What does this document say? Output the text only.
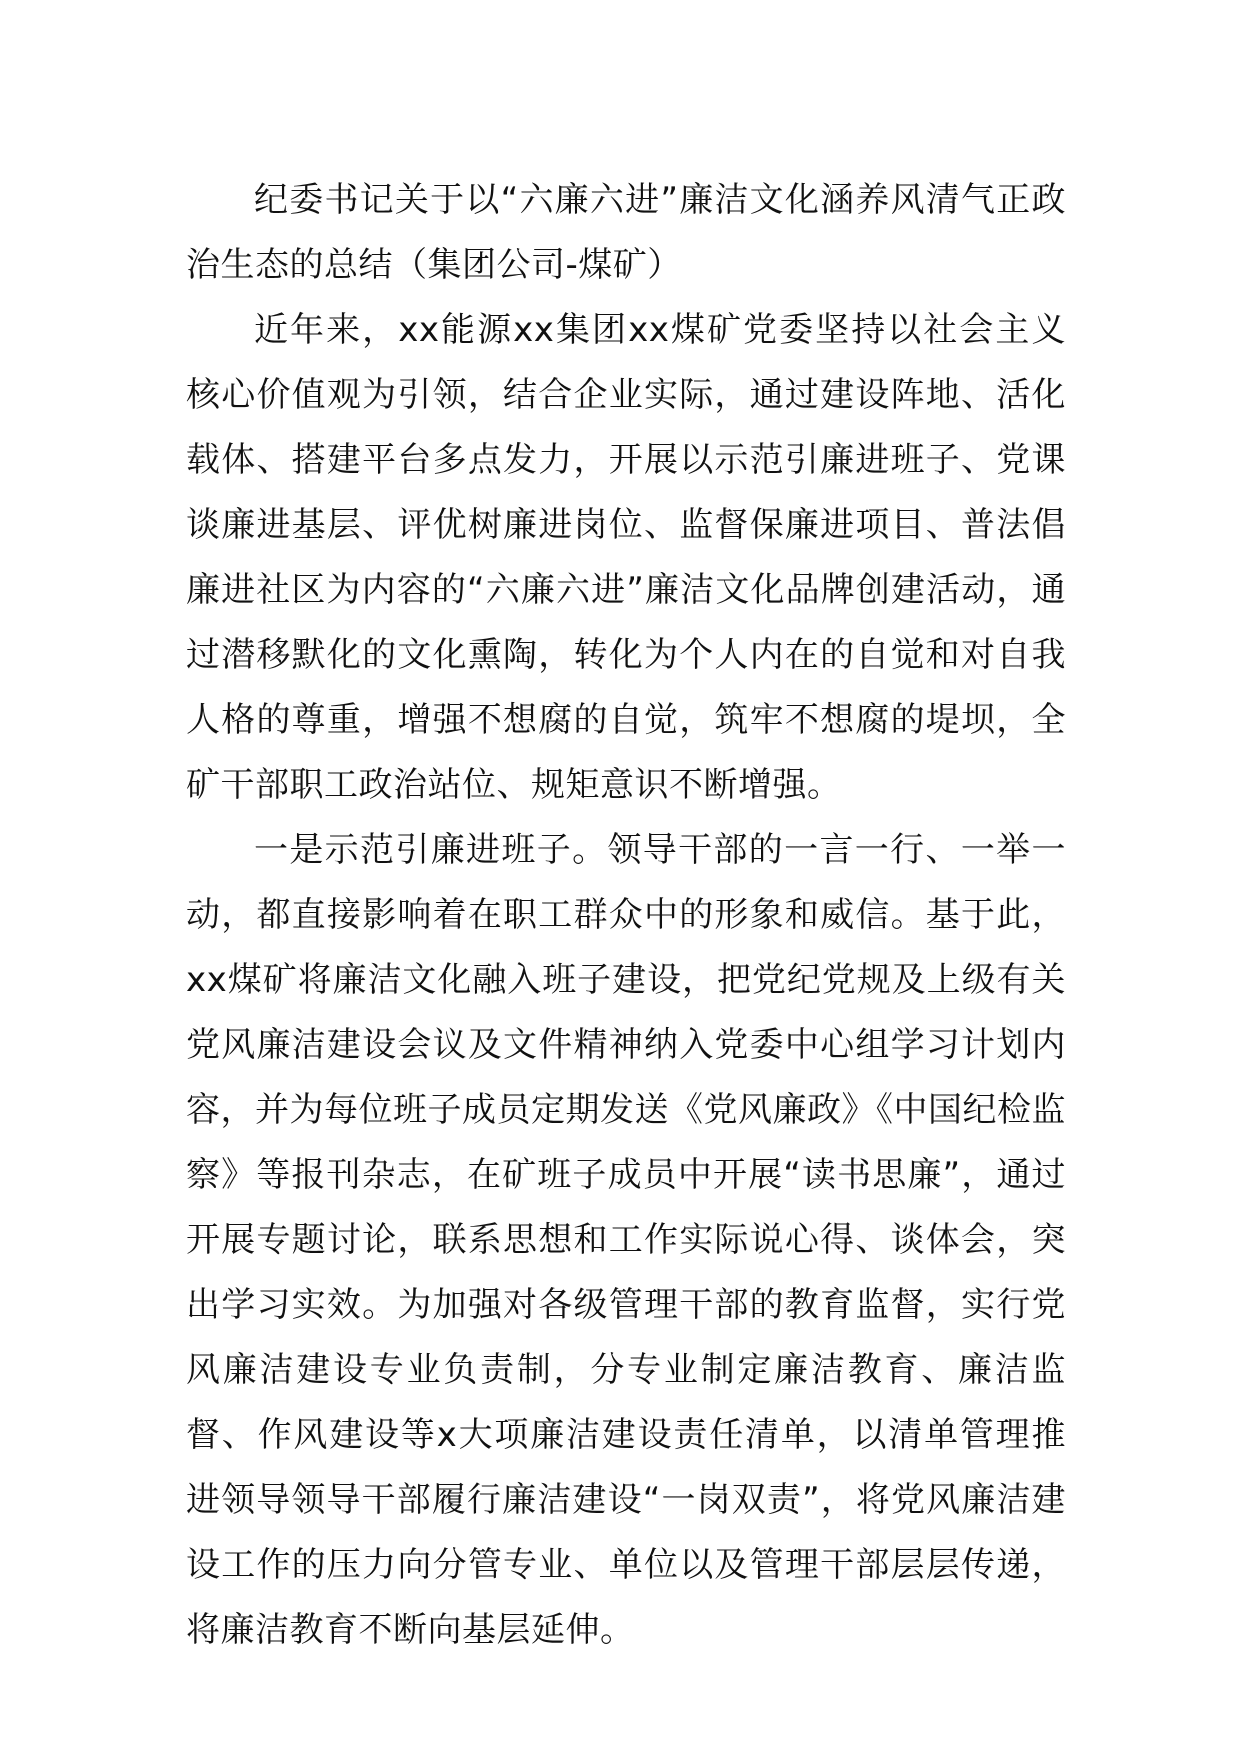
纪委书记关于以“六廉六进”廉洁文化涵养风清气正政治生态的总结（集团公司-煤矿）

近年来，xx能源xx集团xx煤矿党委坚持以社会主义核心价值观为引领，结合企业实际，通过建设阵地、活化载体、搭建平台多点发力，开展以示范引廉进班子、党课谈廉进基层、评优树廉进岗位、监督保廉进项目、普法倡廉进社区为内容的“六廉六进”廉洁文化品牌创建活动，通过潜移默化的文化熏陶，转化为个人内在的自觉和对自我人格的尊重，增强不想腐的自觉，筑牢不想腐的堤坝，全矿干部职工政治站位、规矩意识不断增强。

一是示范引廉进班子。领导干部的一言一行、一举一动，都直接影响着在职工群众中的形象和威信。基于此，xx煤矿将廉洁文化融入班子建设，把党纪党规及上级有关党风廉洁建设会议及文件精神纳入党委中心组学习计划内容，并为每位班子成员定期发送《党风廉政》《中国纪检监察》等报刊杂志，在矿班子成员中开展“读书思廉”，通过开展专题讨论，联系思想和工作实际说心得、谈体会，突出学习实效。为加强对各级管理干部的教育监督，实行党风廉洁建设专业负责制，分专业制定廉洁教育、廉洁监督、作风建设等x大项廉洁建设责任清单，以清单管理推进领导领导干部履行廉洁建设“一岗双责”，将党风廉洁建设工作的压力向分管专业、单位以及管理干部层层传递，将廉洁教育不断向基层延伸。
